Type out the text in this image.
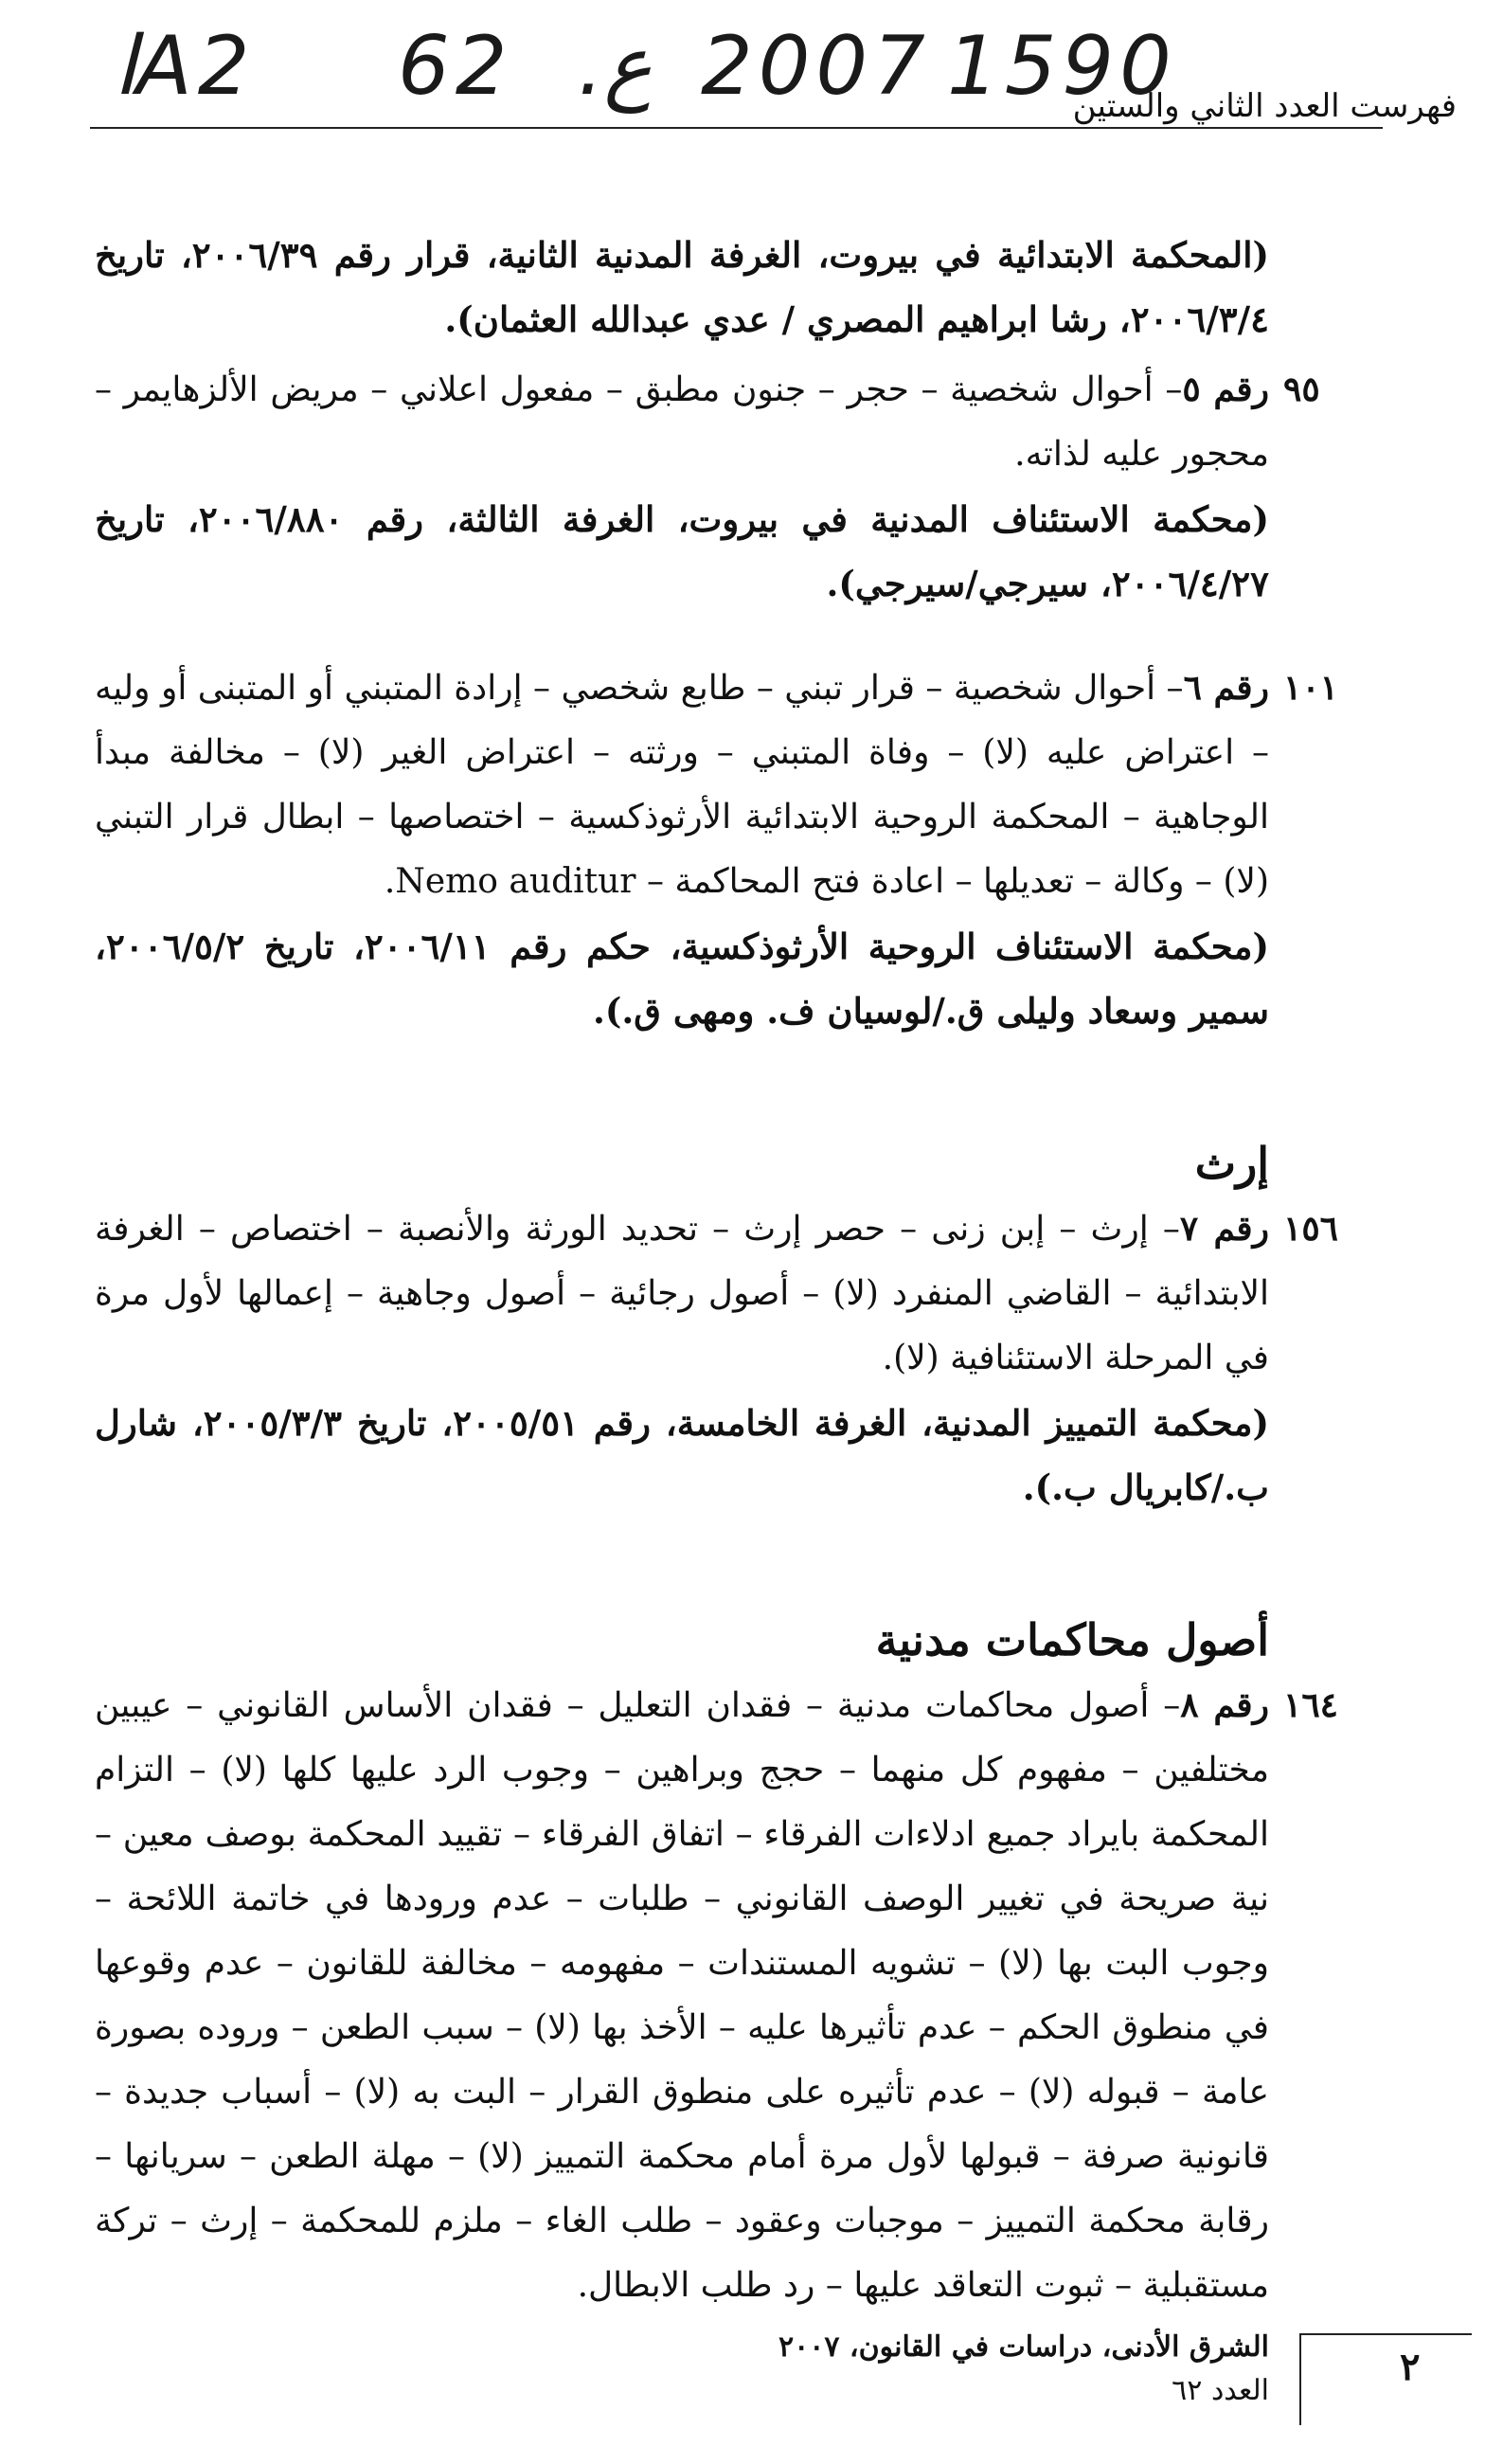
ﺍA2 62 .ع 2007 1590
فهرست العدد الثاني والستين

(المحكمة الابتدائية في بيروت، الغرفة المدنية الثانية، قرار رقم ٢٠٠٦/٣٩، تاريخ ٢٠٠٦/٣/٤، رشا ابراهيم المصري / عدي عبدالله العثمان).

٩٥

رقم ٥– أحوال شخصية – حجر – جنون مطبق – مفعول اعلاني – مريض الألزهايمر – محجور عليه لذاته.

(محكمة الاستئناف المدنية في بيروت، الغرفة الثالثة، رقم ٢٠٠٦/٨٨٠، تاريخ ٢٠٠٦/٤/٢٧، سيرجي/سيرجي).

١٠١

رقم ٦– أحوال شخصية – قرار تبني – طابع شخصي – إرادة المتبني أو المتبنى أو وليه – اعتراض عليه (لا) – وفاة المتبني – ورثته – اعتراض الغير (لا) – مخالفة مبدأ الوجاهية – المحكمة الروحية الابتدائية الأرثوذكسية – اختصاصها – ابطال قرار التبني (لا) – وكالة – تعديلها – اعادة فتح المحاكمة – Nemo auditur.

(محكمة الاستئناف الروحية الأرثوذكسية، حكم رقم ٢٠٠٦/١١، تاريخ ٢٠٠٦/٥/٢، سمير وسعاد وليلى ق./لوسيان ف. ومهى ق.).

إرث
١٥٦

رقم ٧– إرث – إبن زنى – حصر إرث – تحديد الورثة والأنصبة – اختصاص – الغرفة الابتدائية – القاضي المنفرد (لا) – أصول رجائية – أصول وجاهية – إعمالها لأول مرة في المرحلة الاستئنافية (لا).

(محكمة التمييز المدنية، الغرفة الخامسة، رقم ٢٠٠٥/٥١، تاريخ ٢٠٠٥/٣/٣، شارل ب./كابريال ب.).

أصول محاكمات مدنية
١٦٤

رقم ٨– أصول محاكمات مدنية – فقدان التعليل – فقدان الأساس القانوني – عيبين مختلفين – مفهوم كل منهما – حجج وبراهين – وجوب الرد عليها كلها (لا) – التزام المحكمة بايراد جميع ادلاءات الفرقاء – اتفاق الفرقاء – تقييد المحكمة بوصف معين – نية صريحة في تغيير الوصف القانوني – طلبات – عدم ورودها في خاتمة اللائحة – وجوب البت بها (لا) – تشويه المستندات – مفهومه – مخالفة للقانون – عدم وقوعها في منطوق الحكم – عدم تأثيرها عليه – الأخذ بها (لا) – سبب الطعن – وروده بصورة عامة – قبوله (لا) – عدم تأثيره على منطوق القرار – البت به (لا) – أسباب جديدة – قانونية صرفة – قبولها لأول مرة أمام محكمة التمييز (لا) – مهلة الطعن – سريانها – رقابة محكمة التمييز – موجبات وعقود – طلب الغاء – ملزم للمحكمة – إرث – تركة مستقبلية – ثبوت التعاقد عليها – رد طلب الابطال.

الشرق الأدنى، دراسات في القانون، ٢٠٠٧
العدد ٦٢
٢
